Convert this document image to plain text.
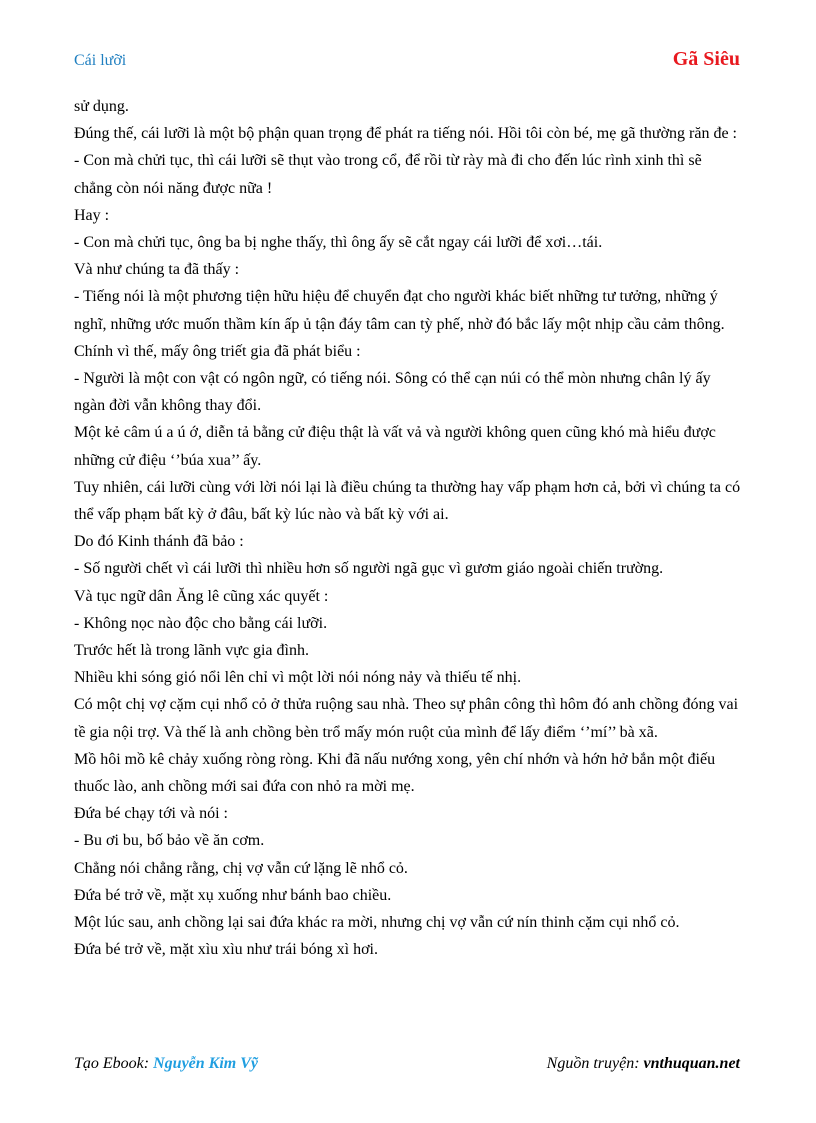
Cái lưỡi	Gã Siêu

sử dụng.

Đúng thế, cái lưỡi là một bộ phận quan trọng để phát ra tiếng nói. Hồi tôi còn bé, mẹ gã thường răn đe :

- Con mà chửi tục, thì cái lưỡi sẽ thụt vào trong cổ, để rồi từ rày mà đi cho đến lúc rình xinh thì sẽ chẳng còn nói năng được nữa !

Hay :

- Con mà chửi tục, ông ba bị nghe thấy, thì ông ấy sẽ cắt ngay cái lưỡi để xơi…tái.

Và như chúng ta đã thấy :

- Tiếng nói là một phương tiện hữu hiệu để chuyển đạt cho người khác biết những tư tưởng, những ý nghĩ, những ước muốn thầm kín ấp ủ tận đáy tâm can tỳ phế, nhờ đó bắc lấy một nhịp cầu cảm thông.

Chính vì thế, mấy ông triết gia đã phát biểu :

- Người là một con vật có ngôn ngữ, có tiếng nói. Sông có thể cạn núi có thể mòn nhưng chân lý ấy ngàn đời vẫn không thay đổi.

Một kẻ câm ú a ú ớ, diễn tả bằng cử điệu thật là vất vả và người không quen cũng khó mà hiểu được những cử điệu ‘’búa xua’’ ấy.

Tuy nhiên, cái lưỡi cùng với lời nói lại là điều chúng ta thường hay vấp phạm hơn cả, bởi vì chúng ta có thể vấp phạm bất kỳ ở đâu, bất kỳ lúc nào và bất kỳ với ai.

Do đó Kinh thánh đã bảo :

- Số người chết vì cái lưỡi thì nhiều hơn số người ngã gục vì gươm giáo ngoài chiến trường.

Và tục ngữ dân Ăng lê cũng xác quyết :

- Không nọc nào độc cho bằng cái lưỡi.

Trước hết là trong lãnh vực gia đình.

Nhiều khi sóng gió nổi lên chỉ vì một lời nói nóng nảy và thiếu tế nhị.

Có một chị vợ cặm cụi nhổ cỏ ở thửa ruộng sau nhà. Theo sự phân công thì hôm đó anh chồng đóng vai tề gia nội trợ. Và thế là anh chồng bèn trổ mấy món ruột của mình để lấy điểm ‘’mí’’ bà xã.

Mồ hôi mồ kê chảy xuống ròng ròng. Khi đã nấu nướng xong, yên chí nhớn và hớn hở bắn một điếu thuốc lào, anh chồng mới sai đứa con nhỏ ra mời mẹ.

Đứa bé chạy tới và nói :

- Bu ơi bu, bố bảo về ăn cơm.

Chẳng nói chẳng rằng, chị vợ vẫn cứ lặng lẽ nhổ cỏ.

Đứa bé trở về, mặt xụ xuống như bánh bao chiều.

Một lúc sau, anh chồng lại sai đứa khác ra mời, nhưng chị vợ vẫn cứ nín thinh cặm cụi nhổ cỏ.

Đứa bé trở về, mặt xìu xìu như trái bóng xì hơi.

Tạo Ebook: Nguyễn Kim Vỹ	Nguồn truyện: vnthuquan.net
